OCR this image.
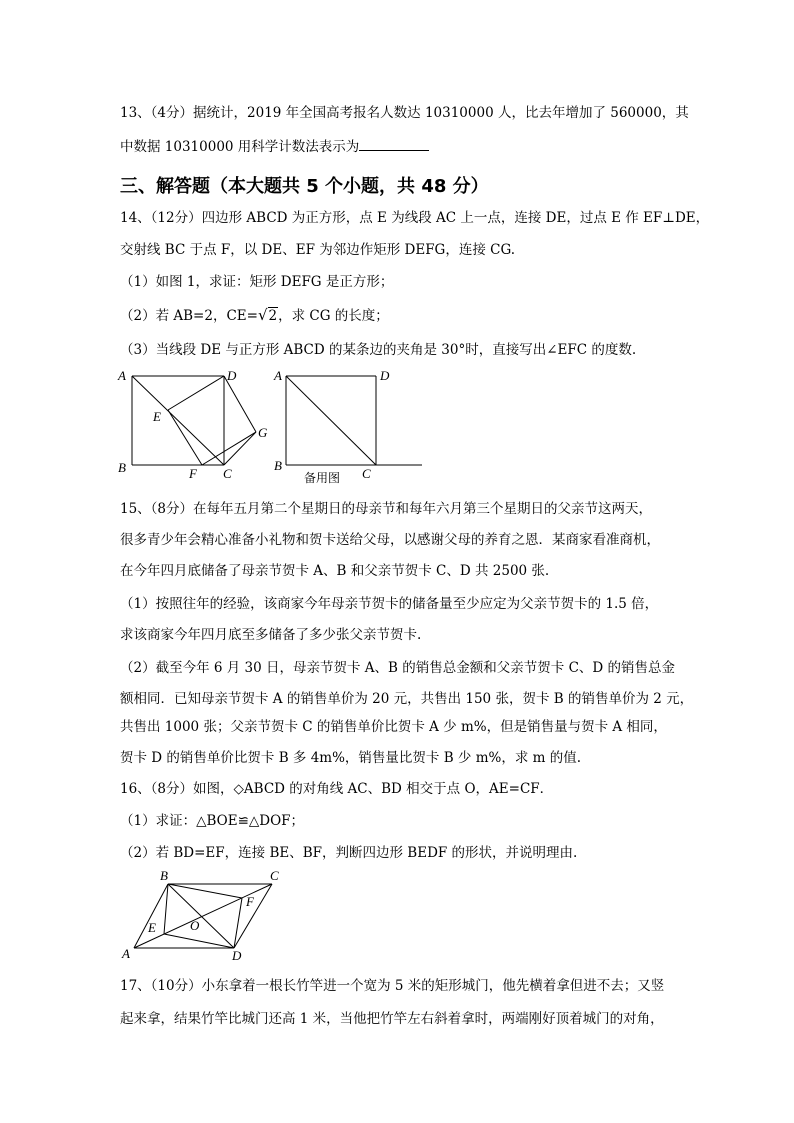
13、（4分）据统计，2019 年全国高考报名人数达 10310000 人，比去年增加了 560000，其
中数据 10310000 用科学计数法表示为
三、解答题（本大题共 5 个小题，共 48 分）
14、（12分）四边形 ABCD 为正方形，点 E 为线段 AC 上一点，连接 DE，过点 E 作 EF⊥DE，
交射线 BC 于点 F，以 DE、EF 为邻边作矩形 DEFG，连接 CG.
（1）如图 1，求证：矩形 DEFG 是正方形；
（2）若 AB=2，CE=√2，求 CG 的长度；
（3）当线段 DE 与正方形 ABCD 的某条边的夹角是 30°时，直接写出∠EFC 的度数.
A	D
E
G
B	F C
A	D
B
C
备用图
15、（8分）在每年五月第二个星期日的母亲节和每年六月第三个星期日的父亲节这两天，
很多青少年会精心准备小礼物和贺卡送给父母，以感谢父母的养育之恩．某商家看准商机，
在今年四月底储备了母亲节贺卡 A、B 和父亲节贺卡 C、D 共 2500 张.
（1）按照往年的经验，该商家今年母亲节贺卡的储备量至少应定为父亲节贺卡的 1.5 倍，
求该商家今年四月底至多储备了多少张父亲节贺卡.
（2）截至今年 6 月 30 日，母亲节贺卡 A、B 的销售总金额和父亲节贺卡 C、D 的销售总金
额相同．已知母亲节贺卡 A 的销售单价为 20 元，共售出 150 张，贺卡 B 的销售单价为 2 元，
共售出 1000 张；父亲节贺卡 C 的销售单价比贺卡 A 少 m%，但是销售量与贺卡 A 相同，
贺卡 D 的销售单价比贺卡 B 多 4m%，销售量比贺卡 B 少 m%，求 m 的值.
16、（8分）如图，◇ABCD 的对角线 AC、BD 相交于点 O，AE=CF．
（1）求证：△BOE≌△DOF；
（2）若 BD=EF，连接 BE、BF，判断四边形 BEDF 的形状，并说明理由.
B	C
F
E	O
A	D
17、（10分）小东拿着一根长竹竿进一个宽为 5 米的矩形城门，他先横着拿但进不去；又竖
起来拿，结果竹竿比城门还高 1 米，当他把竹竿左右斜着拿时，两端刚好顶着城门的对角，
